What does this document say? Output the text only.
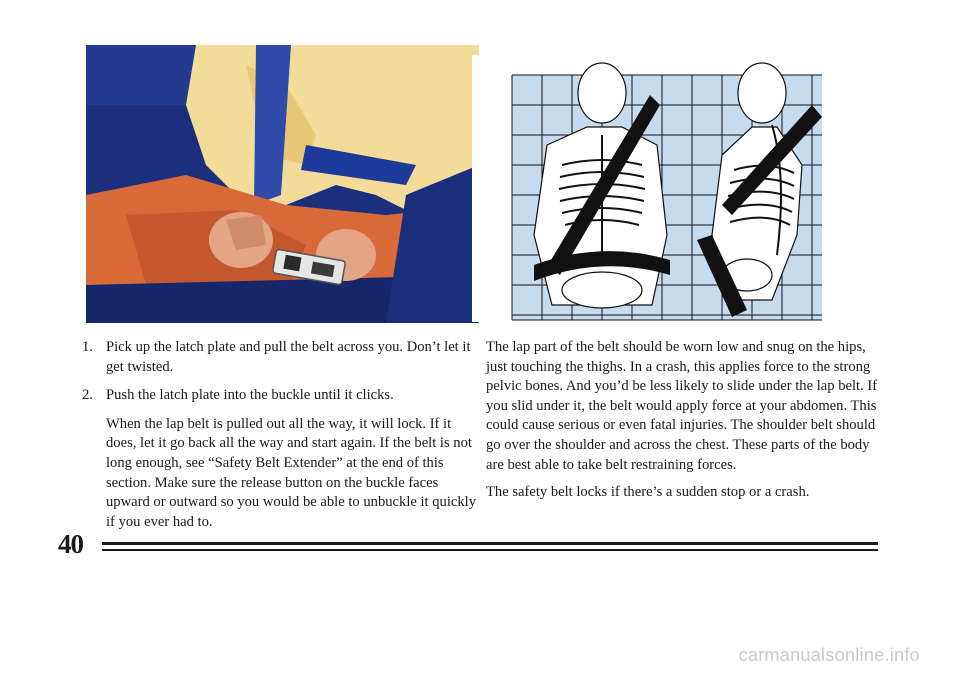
1. Pick up the latch plate and pull the belt across you. Don’t let it get twisted.
2. Push the latch plate into the buckle until it clicks.

When the lap belt is pulled out all the way, it will lock. If it does, let it go back all the way and start again. If the belt is not long enough, see “Safety Belt Extender” at the end of this section. Make sure the release button on the buckle faces upward or outward so you would be able to unbuckle it quickly if you ever had to.

The lap part of the belt should be worn low and snug on the hips, just touching the thighs. In a crash, this applies force to the strong pelvic bones. And you’d be less likely to slide under the lap belt. If you slid under it, the belt would apply force at your abdomen. This could cause serious or even fatal injuries. The shoulder belt should go over the shoulder and across the chest. These parts of the body are best able to take belt restraining forces.

The safety belt locks if there’s a sudden stop or a crash.

40
carmanualsonline.info
